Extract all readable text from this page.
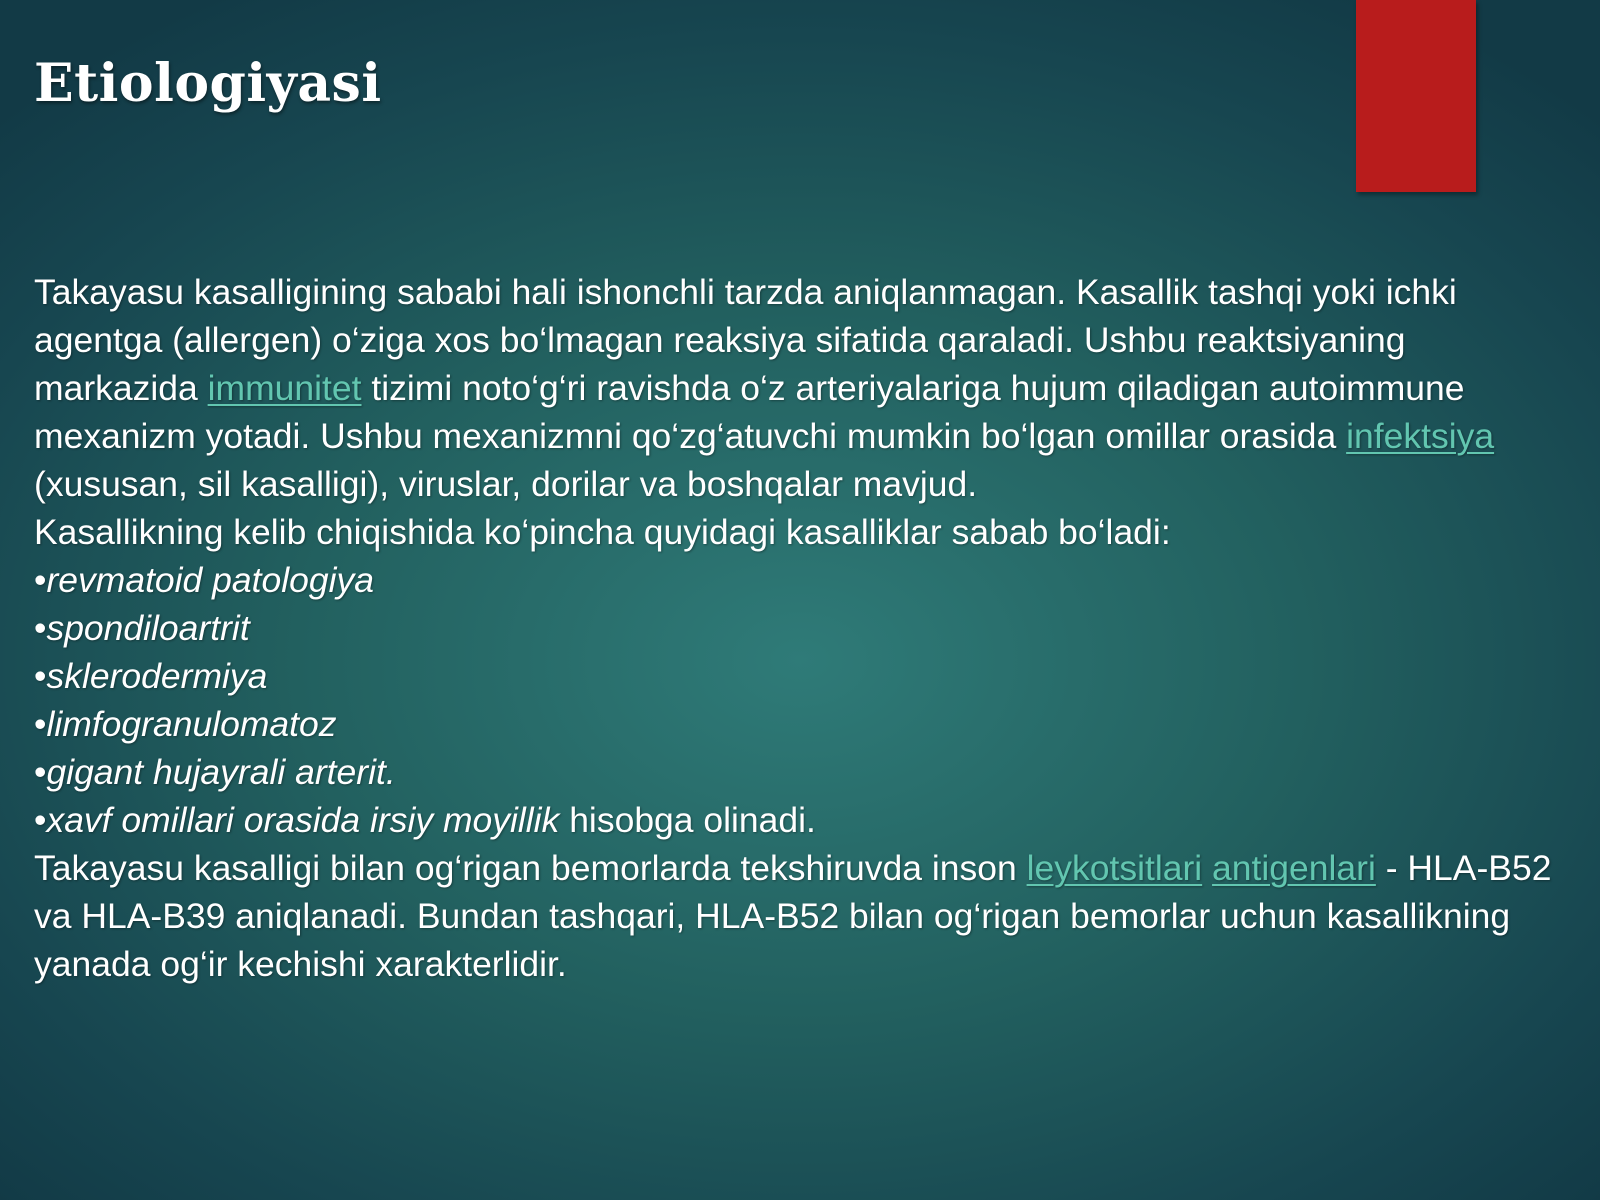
Etiologiyasi

Takayasu kasalligining sababi hali ishonchli tarzda aniqlanmagan. Kasallik tashqi yoki ichki agentga (allergen) o‘ziga xos bo‘lmagan reaksiya sifatida qaraladi. Ushbu reaktsiyaning markazida immunitet tizimi noto‘g‘ri ravishda o‘z arteriyalariga hujum qiladigan autoimmune mexanizm yotadi. Ushbu mexanizmni qo‘zg‘atuvchi mumkin bo‘lgan omillar orasida infektsiya (xususan, sil kasalligi), viruslar, dorilar va boshqalar mavjud.

Kasallikning kelib chiqishida ko‘pincha quyidagi kasalliklar sabab bo‘ladi:

•revmatoid patologiya
•spondiloartrit
•sklerodermiya
•limfogranulomatoz
•gigant hujayrali arterit.
•xavf omillari orasida irsiy moyillik hisobga olinadi.

Takayasu kasalligi bilan og‘rigan bemorlarda tekshiruvda inson leykotsitlari antigenlari - HLA-B52 va HLA-B39 aniqlanadi. Bundan tashqari, HLA-B52 bilan og‘rigan bemorlar uchun kasallikning yanada og‘ir kechishi xarakterlidir.
